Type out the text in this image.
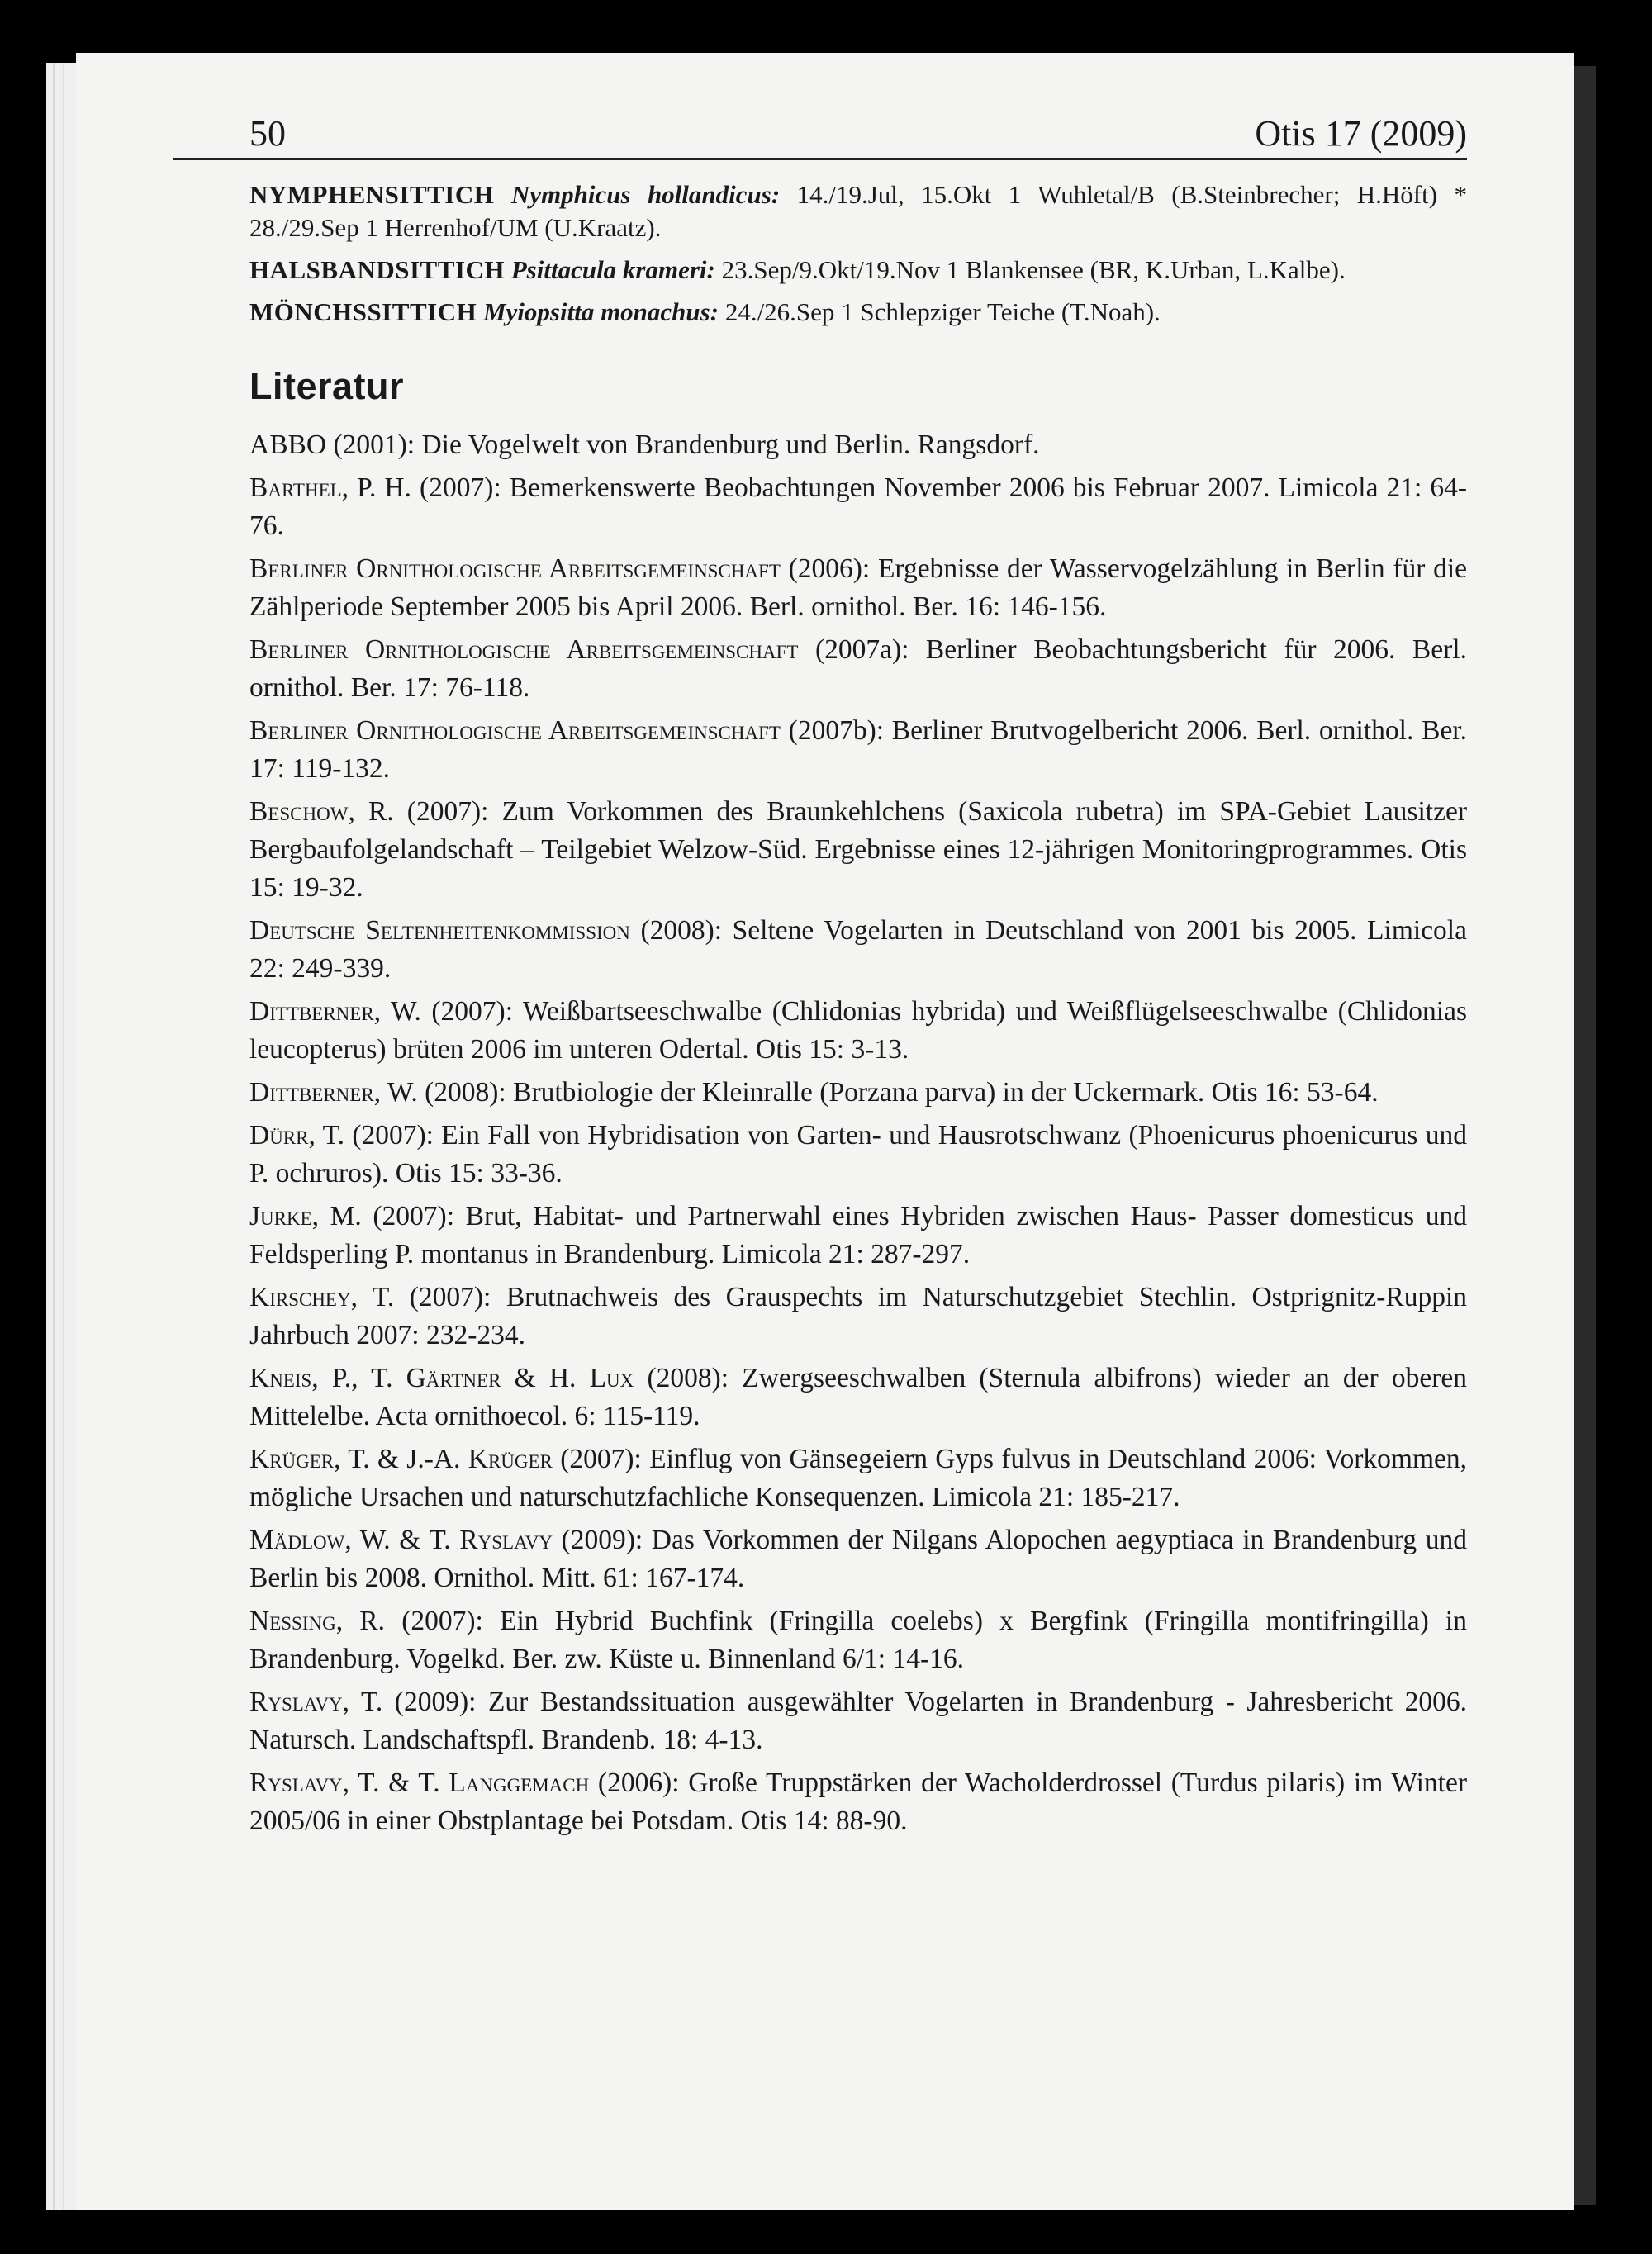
50	Otis 17 (2009)

NYMPHENSITTICH Nymphicus hollandicus: 14./19.Jul, 15.Okt 1 Wuhletal/B (B.Steinbrecher; H.Höft) * 28./29.Sep 1 Herrenhof/UM (U.Kraatz).

HALSBANDSITTICH Psittacula krameri: 23.Sep/9.Okt/19.Nov 1 Blankensee (BR, K.Urban, L.Kalbe).

MÖNCHSSITTICH Myiopsitta monachus: 24./26.Sep 1 Schlepziger Teiche (T.Noah).

Literatur

ABBO (2001): Die Vogelwelt von Brandenburg und Berlin. Rangsdorf.

Barthel, P. H. (2007): Bemerkenswerte Beobachtungen November 2006 bis Februar 2007. Limicola 21: 64-76.

Berliner Ornithologische Arbeitsgemeinschaft (2006): Ergebnisse der Wasservogelzählung in Berlin für die Zählperiode September 2005 bis April 2006. Berl. ornithol. Ber. 16: 146-156.

Berliner Ornithologische Arbeitsgemeinschaft (2007a): Berliner Beobachtungsbericht für 2006. Berl. ornithol. Ber. 17: 76-118.

Berliner Ornithologische Arbeitsgemeinschaft (2007b): Berliner Brutvogelbericht 2006. Berl. ornithol. Ber. 17: 119-132.

Beschow, R. (2007): Zum Vorkommen des Braunkehlchens (Saxicola rubetra) im SPA-Gebiet Lausitzer Bergbaufolgelandschaft – Teilgebiet Welzow-Süd. Ergebnisse eines 12-jährigen Monitoringprogrammes. Otis 15: 19-32.

Deutsche Seltenheitenkommission (2008): Seltene Vogelarten in Deutschland von 2001 bis 2005. Limicola 22: 249-339.

Dittberner, W. (2007): Weißbartseeschwalbe (Chlidonias hybrida) und Weißflügelseeschwalbe (Chlidonias leucopterus) brüten 2006 im unteren Odertal. Otis 15: 3-13.

Dittberner, W. (2008): Brutbiologie der Kleinralle (Porzana parva) in der Uckermark. Otis 16: 53-64.

Dürr, T. (2007): Ein Fall von Hybridisation von Garten- und Hausrotschwanz (Phoenicurus phoenicurus und P. ochruros). Otis 15: 33-36.

Jurke, M. (2007): Brut, Habitat- und Partnerwahl eines Hybriden zwischen Haus- Passer domesticus und Feldsperling P. montanus in Brandenburg. Limicola 21: 287-297.

Kirschey, T. (2007): Brutnachweis des Grauspechts im Naturschutzgebiet Stechlin. Ostprignitz-Ruppin Jahrbuch 2007: 232-234.

Kneis, P., T. Gärtner & H. Lux (2008): Zwergseeschwalben (Sternula albifrons) wieder an der oberen Mittelelbe. Acta ornithoecol. 6: 115-119.

Krüger, T. & J.-A. Krüger (2007): Einflug von Gänsegeiern Gyps fulvus in Deutschland 2006: Vorkommen, mögliche Ursachen und naturschutzfachliche Konsequenzen. Limicola 21: 185-217.

Mädlow, W. & T. Ryslavy (2009): Das Vorkommen der Nilgans Alopochen aegyptiaca in Brandenburg und Berlin bis 2008. Ornithol. Mitt. 61: 167-174.

Nessing, R. (2007): Ein Hybrid Buchfink (Fringilla coelebs) x Bergfink (Fringilla montifringilla) in Brandenburg. Vogelkd. Ber. zw. Küste u. Binnenland 6/1: 14-16.

Ryslavy, T. (2009): Zur Bestandssituation ausgewählter Vogelarten in Brandenburg - Jahresbericht 2006. Natursch. Landschaftspfl. Brandenb. 18: 4-13.

Ryslavy, T. & T. Langgemach (2006): Große Truppstärken der Wacholderdrossel (Turdus pilaris) im Winter 2005/06 in einer Obstplantage bei Potsdam. Otis 14: 88-90.
